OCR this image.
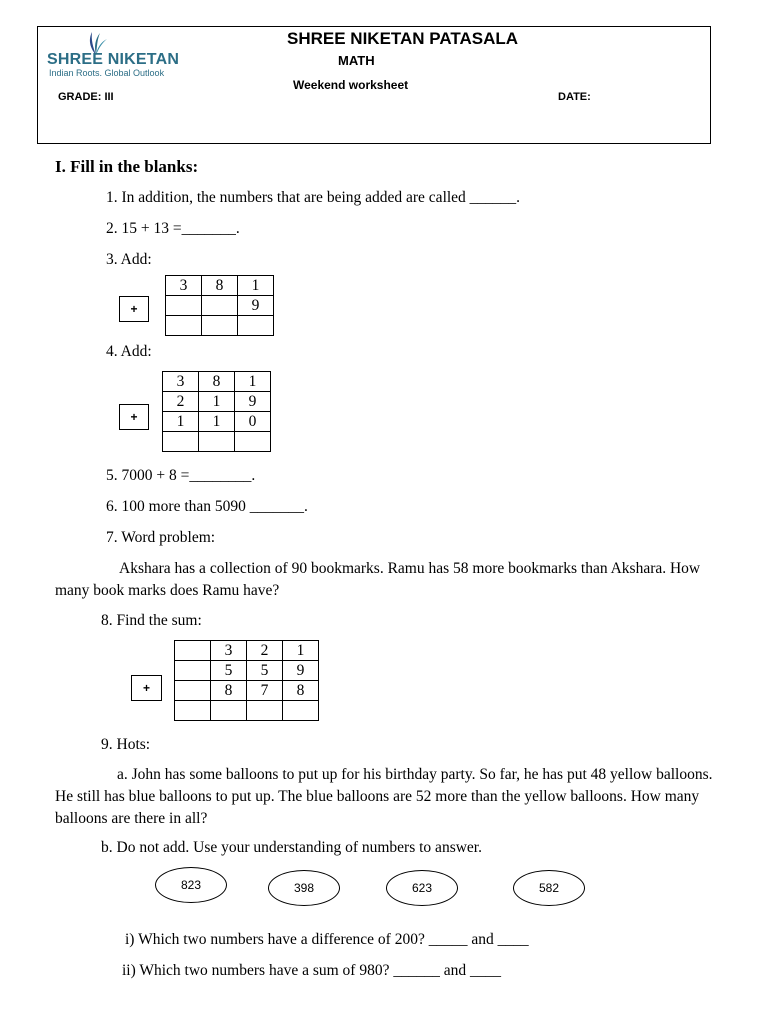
SHREE NIKETAN
Indian Roots. Global Outlook
SHREE NIKETAN PATASALA
MATH
Weekend worksheet
GRADE: III	DATE:
I. Fill in the blanks:
1. In addition, the numbers that are being added are called ______.
2. 15 + 13 =_______.
3. Add:
+
3	8	1
		9

4. Add:
+
3	8	1
2	1	9
1	1	0

5. 7000 + 8 =________.
6. 100 more than 5090 _______.
7. Word problem:
Akshara has a collection of 90 bookmarks. Ramu has 58 more bookmarks than Akshara. How many book marks does Ramu have?
8. Find the sum:
+
	3	2	1
	5	5	9
	8	7	8

9. Hots:
a. John has some balloons to put up for his birthday party. So far, he has put 48 yellow balloons. He still has blue balloons to put up. The blue balloons are 52 more than the yellow balloons. How many balloons are there in all?
b. Do not add. Use your understanding of numbers to answer.
823	398	623	582
i) Which two numbers have a difference of 200? _____ and ____
ii) Which two numbers have a sum of 980? ______ and ____
